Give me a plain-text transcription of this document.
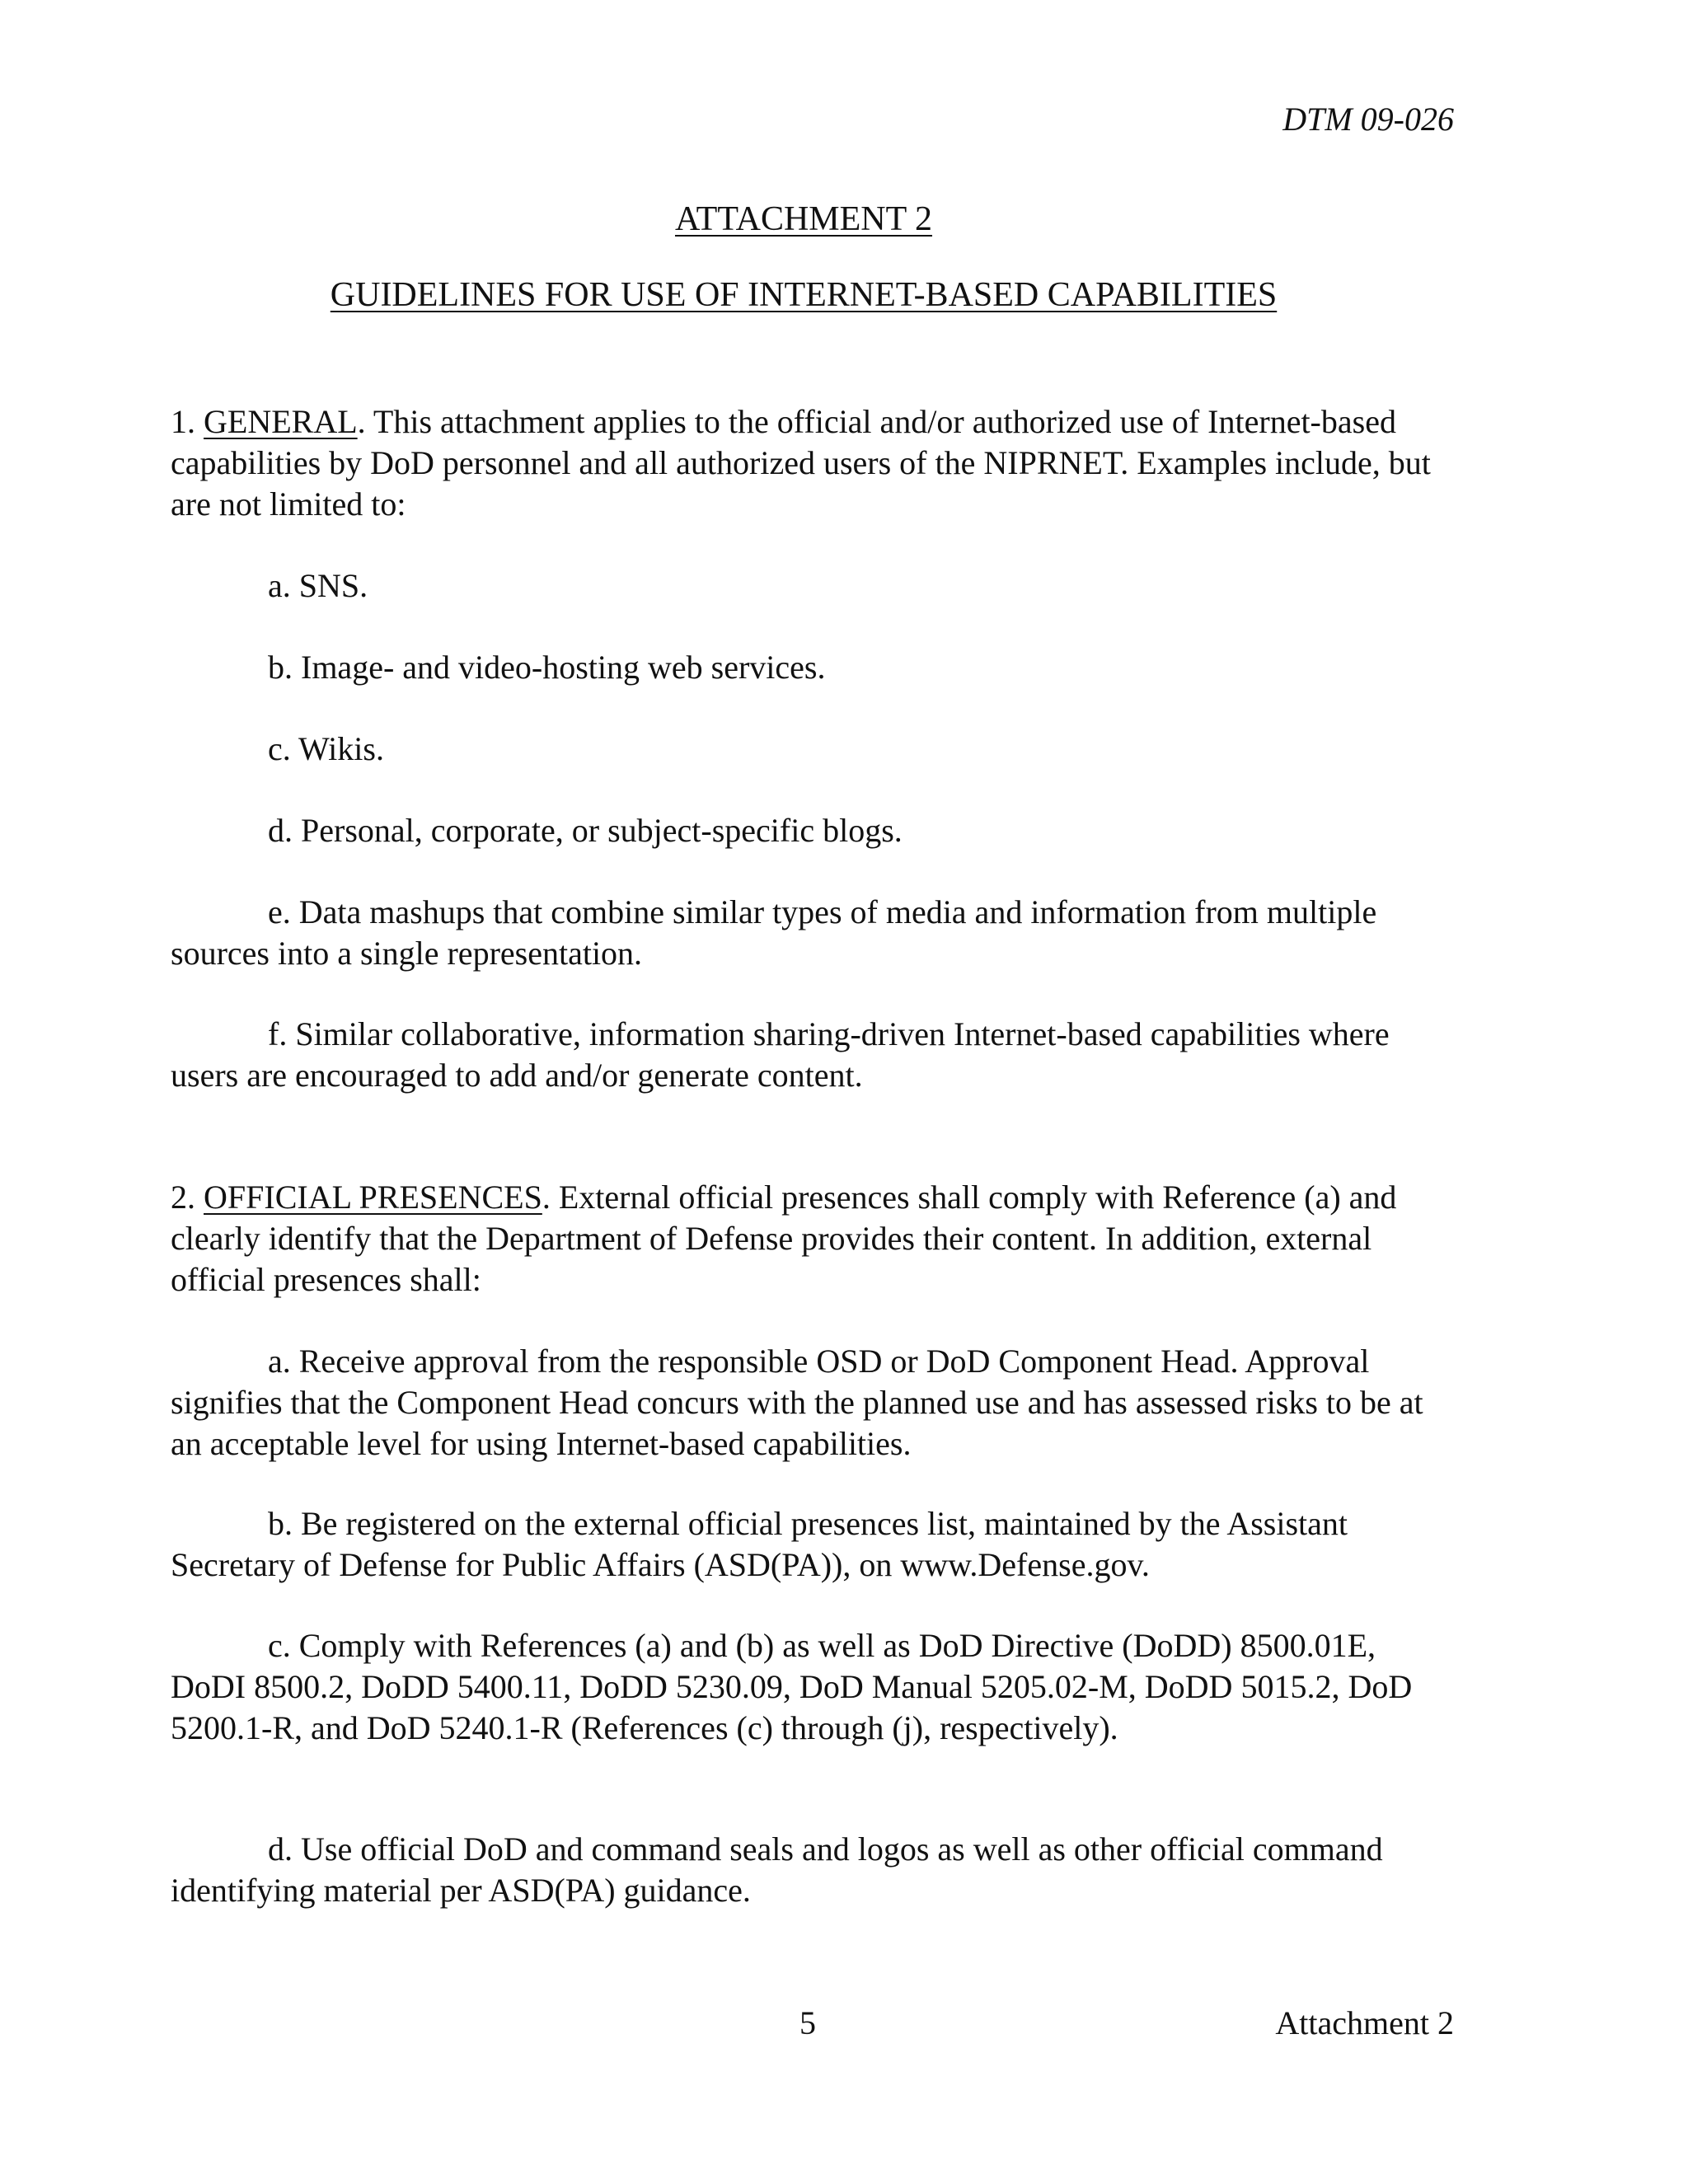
DTM 09-026
ATTACHMENT 2
GUIDELINES FOR USE OF INTERNET-BASED CAPABILITIES
1. GENERAL. This attachment applies to the official and/or authorized use of Internet-based capabilities by DoD personnel and all authorized users of the NIPRNET. Examples include, but are not limited to:
a. SNS.
b. Image- and video-hosting web services.
c. Wikis.
d. Personal, corporate, or subject-specific blogs.
e. Data mashups that combine similar types of media and information from multiple sources into a single representation.
f. Similar collaborative, information sharing-driven Internet-based capabilities where users are encouraged to add and/or generate content.
2. OFFICIAL PRESENCES. External official presences shall comply with Reference (a) and clearly identify that the Department of Defense provides their content. In addition, external official presences shall:
a. Receive approval from the responsible OSD or DoD Component Head. Approval signifies that the Component Head concurs with the planned use and has assessed risks to be at an acceptable level for using Internet-based capabilities.
b. Be registered on the external official presences list, maintained by the Assistant Secretary of Defense for Public Affairs (ASD(PA)), on www.Defense.gov.
c. Comply with References (a) and (b) as well as DoD Directive (DoDD) 8500.01E, DoDI 8500.2, DoDD 5400.11, DoDD 5230.09, DoD Manual 5205.02-M, DoDD 5015.2, DoD 5200.1-R, and DoD 5240.1-R (References (c) through (j), respectively).
d. Use official DoD and command seals and logos as well as other official command identifying material per ASD(PA) guidance.
5	Attachment 2
